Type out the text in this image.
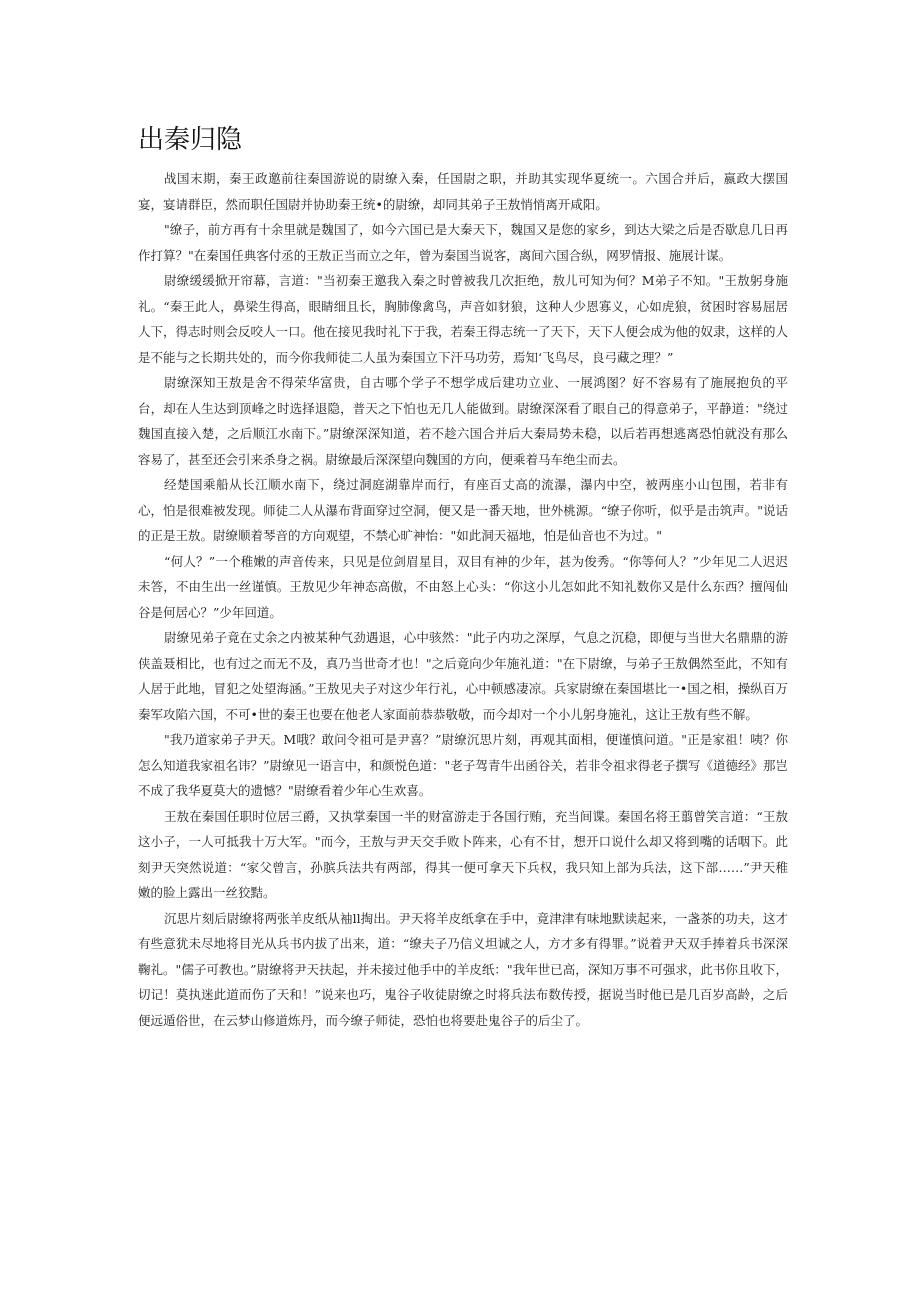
出秦归隐

战国末期，秦王政邀前往秦国游说的尉缭入秦，任国尉之职，并助其实现华夏统一。六国合并后，嬴政大摆国宴，宴请群臣，然而职任国尉并协助秦王统•的尉缭，却同其弟子王敖悄悄离开咸阳。

"缭子，前方再有十余里就是魏国了，如今六国已是大秦天下，魏国又是您的家乡，到达大梁之后是否歇息几日再作打算？"在秦国任典客付丞的王敖正当而立之年，曾为秦国当说客，离间六国合纵，网罗情报、施展计谋。

尉缭缓缓掀开帘幕，言道："当初秦王邀我入秦之时曾被我几次拒绝，敖儿可知为何？M弟子不知。"王敖躬身施礼。“秦王此人，鼻梁生得高，眼睛细且长，胸肺像禽鸟，声音如豺狼，这种人少恩寡义，心如虎狼，贫困时容易屈居人下，得志时则会反咬人一口。他在接见我时礼下于我，若秦王得志统一了天下，天下人便会成为他的奴隶，这样的人是不能与之长期共处的，而今你我师徒二人虽为秦国立下汗马功劳，焉知‘飞鸟尽，良弓藏之理？”

尉缭深知王敖是舍不得荣华富贵，自古哪个学子不想学成后建功立业、一展鸿图？好不容易有了施展抱负的平台，却在人生达到顶峰之时选择退隐，普天之下怕也无几人能做到。尉缭深深看了眼自己的得意弟子，平静道："绕过魏国直接入楚，之后顺江水南下。”尉缭深深知道，若不趁六国合并后大秦局势未稳，以后若再想逃离恐怕就没有那么容易了，甚至还会引来杀身之祸。尉缭最后深深望向魏国的方向，便乘着马车绝尘而去。

经楚国乘船从长江顺水南下，绕过洞庭湖靠岸而行，有座百丈高的流瀑，瀑内中空，被两座小山包围，若非有心，怕是很难被发现。师徒二人从瀑布背面穿过空洞，便又是一番天地，世外桃源。“缭子你听，似乎是击筑声。"说话的正是王敖。尉缭顺着琴音的方向观望，不禁心旷神怡："如此洞天福地，怕是仙音也不为过。"

“何人？”一个稚嫩的声音传来，只见是位剑眉星目，双目有神的少年，甚为俊秀。“你等何人？”少年见二人迟迟未答，不由生出一丝谨慎。王敖见少年神态高傲，不由怒上心头：“你这小儿怎如此不知礼数你又是什么东西？擅闯仙谷是何居心？”少年回道。

尉缭见弟子竟在丈余之内被某种气劲遇退，心中骇然："此子内功之深厚，气息之沉稳，即便与当世大名鼎鼎的游侠盖聂相比，也有过之而无不及，真乃当世奇才也！"之后竟向少年施礼道："在下尉缭，与弟子王敖偶然至此，不知有人居于此地，冒犯之处望海涵。”王敖见夫子对这少年行礼，心中顿感凄凉。兵家尉缭在秦国堪比一•国之相，操纵百万秦军攻陷六国，不可•世的秦王也要在他老人家面前恭恭敬敬，而今却对一个小儿躬身施礼，这让王敖有些不解。

"我乃道家弟子尹天。M哦？敢问令祖可是尹喜？”尉缭沉思片刻，再观其面相，便谨慎问道。"正是家祖！咦？你怎么知道我家祖名讳？”尉缭见一语言中，和颜悦色道："老子驾青牛出函谷关，若非令祖求得老子撰写《道德经》那岂不成了我华夏莫大的遗憾？"尉缭看着少年心生欢喜。

王敖在秦国任职时位居三爵，又执掌秦国一半的财富游走于各国行贿，充当间谍。秦国名将王翦曾笑言道：“王敖这小子，一人可抵我十万大军。"而今，王敖与尹天交手败卜阵来，心有不甘，想开口说什么却又将到嘴的话咽下。此刻尹天突然说道：“家父曾言，孙膑兵法共有两部，得其一便可拿天下兵权，我只知上部为兵法，这下部……”尹天稚嫩的脸上露出一丝狡黠。

沉思片刻后尉缭将两张羊皮纸从袖ll掏出。尹天将羊皮纸拿在手中，竟津津有味地默读起来，一盏茶的功夫，这才有些意犹未尽地将目光从兵书内拔了出来，道：“缭夫子乃信义坦诚之人，方才多有得罪。”说着尹天双手捧着兵书深深鞠礼。"儒子可教也。”尉缭将尹天扶起，并未接过他手中的羊皮纸："我年世已高，深知万事不可强求，此书你且收下，切记！莫执迷此道而伤了天和！”说来也巧，鬼谷子收徒尉缭之时将兵法布数传授，据说当时他已是几百岁高龄，之后便远遁俗世，在云梦山修道炼丹，而今缭子师徒，恐怕也将要赴鬼谷子的后尘了。
